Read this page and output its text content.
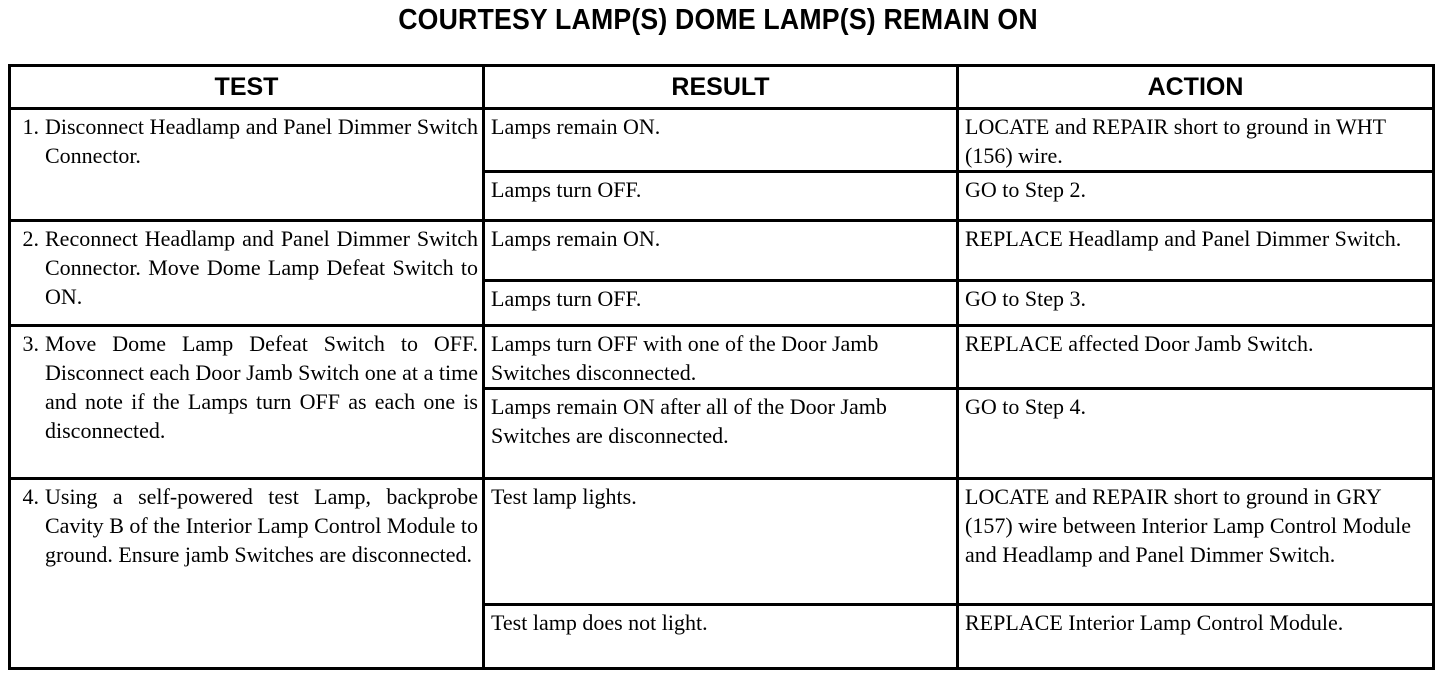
COURTESY LAMP(S) DOME LAMP(S) REMAIN ON
TEST	RESULT	ACTION
1. Disconnect Headlamp and Panel Dimmer Switch Connector.	Lamps remain ON.	LOCATE and REPAIR short to ground in WHT (156) wire.
	Lamps turn OFF.	GO to Step 2.
2. Reconnect Headlamp and Panel Dimmer Switch Connector. Move Dome Lamp Defeat Switch to ON.	Lamps remain ON.	REPLACE Headlamp and Panel Dimmer Switch.
	Lamps turn OFF.	GO to Step 3.
3. Move Dome Lamp Defeat Switch to OFF. Disconnect each Door Jamb Switch one at a time and note if the Lamps turn OFF as each one is disconnected.	Lamps turn OFF with one of the Door Jamb Switches disconnected.	REPLACE affected Door Jamb Switch.
	Lamps remain ON after all of the Door Jamb Switches are disconnected.	GO to Step 4.
4. Using a self-powered test Lamp, backprobe Cavity B of the Interior Lamp Control Module to ground. Ensure jamb Switches are disconnected.	Test lamp lights.	LOCATE and REPAIR short to ground in GRY (157) wire between Interior Lamp Control Module and Headlamp and Panel Dimmer Switch.
	Test lamp does not light.	REPLACE Interior Lamp Control Module.
